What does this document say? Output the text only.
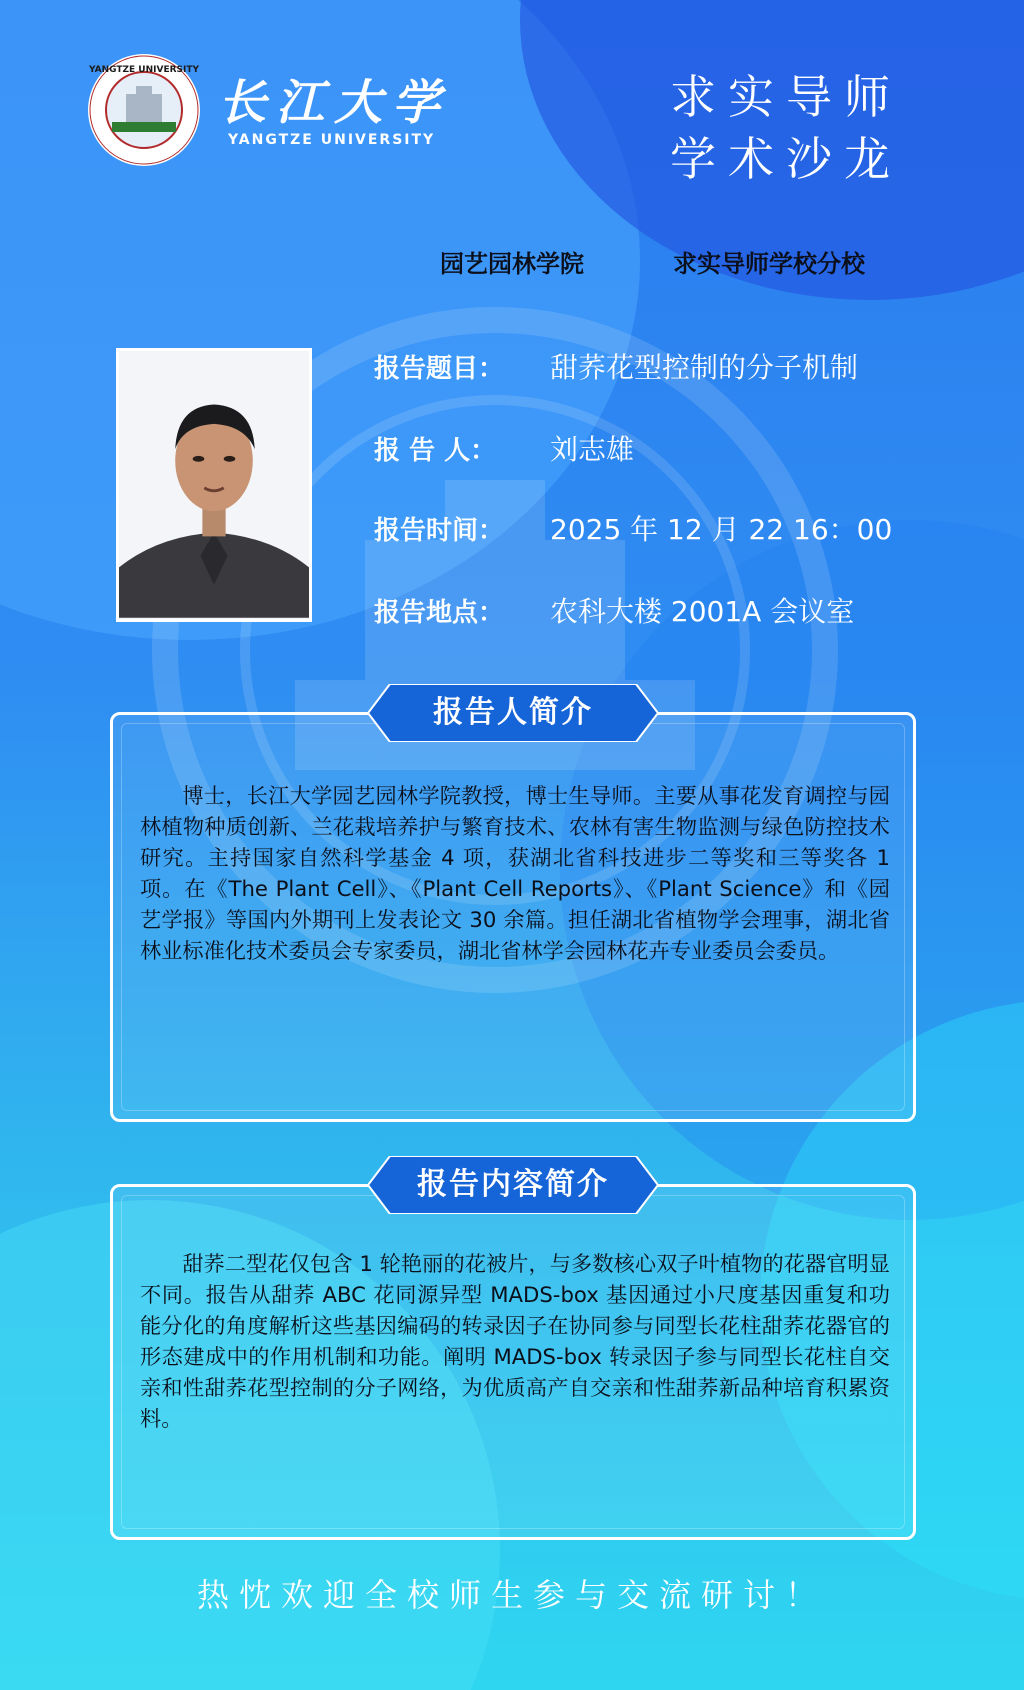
YANGTZE UNIVERSITY
长江大学
YANGTZE UNIVERSITY
求实导师
学术沙龙
园艺园林学院	求实导师学校分校
报告题目： 甜荞花型控制的分子机制
报 告 人： 刘志雄
报告时间： 2025 年 12 月 22 16：00
报告地点： 农科大楼 2001A 会议室
报告人简介
博士，长江大学园艺园林学院教授，博士生导师。主要从事花发育调控与园林植物种质创新、兰花栽培养护与繁育技术、农林有害生物监测与绿色防控技术研究。主持国家自然科学基金 4 项，获湖北省科技进步二等奖和三等奖各 1 项。在《The Plant Cell》、《Plant Cell Reports》、《Plant Science》和《园艺学报》等国内外期刊上发表论文 30 余篇。担任湖北省植物学会理事，湖北省林业标准化技术委员会专家委员，湖北省林学会园林花卉专业委员会委员。
报告内容简介
甜荞二型花仅包含 1 轮艳丽的花被片，与多数核心双子叶植物的花器官明显不同。报告从甜荞 ABC 花同源异型 MADS-box 基因通过小尺度基因重复和功能分化的角度解析这些基因编码的转录因子在协同参与同型长花柱甜荞花器官的形态建成中的作用机制和功能。阐明 MADS-box 转录因子参与同型长花柱自交亲和性甜荞花型控制的分子网络，为优质高产自交亲和性甜荞新品种培育积累资料。
热忱欢迎全校师生参与交流研讨！
